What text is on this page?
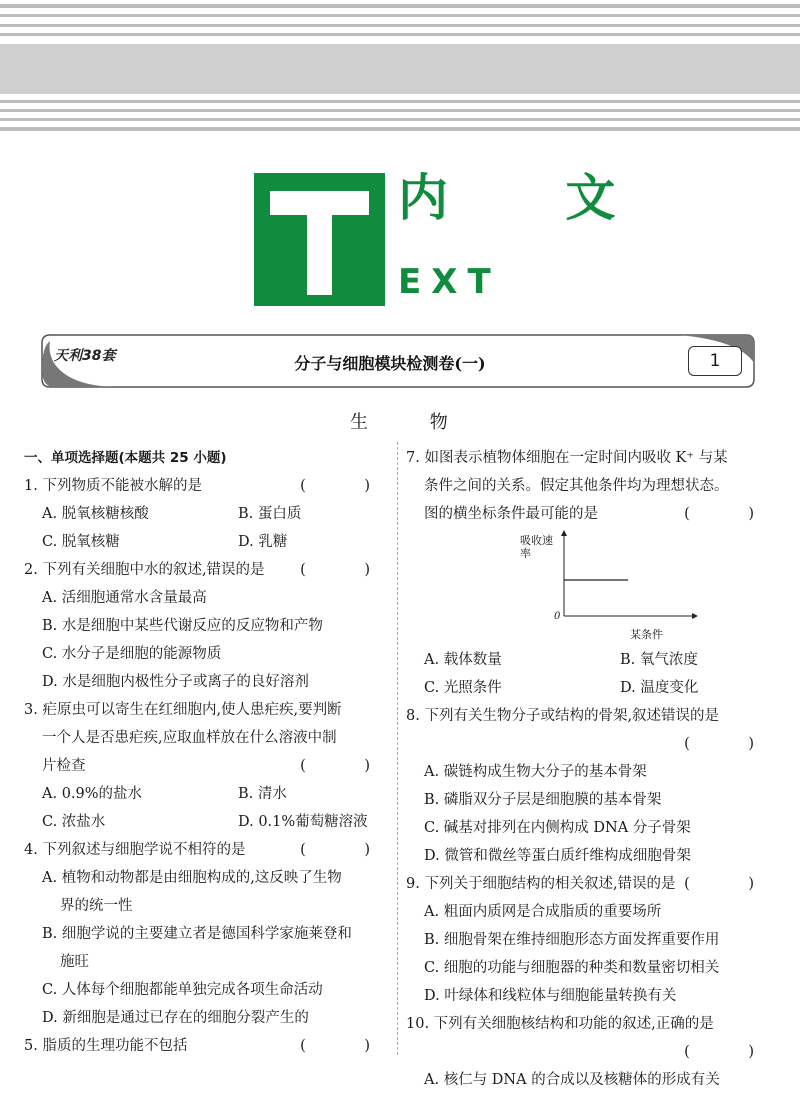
内 文
EXT
天利38套	分子与细胞模块检测卷(一)	1
生 物
一、单项选择题(本题共 25 小题)
1. 下列物质不能被水解的是	(　)
A. 脱氧核糖核酸	B. 蛋白质
C. 脱氧核糖	D. 乳糖
2. 下列有关细胞中水的叙述,错误的是 (　)
A. 活细胞通常水含量最高
B. 水是细胞中某些代谢反应的反应物和产物
C. 水分子是细胞的能源物质
D. 水是细胞内极性分子或离子的良好溶剂
3. 疟原虫可以寄生在红细胞内,使人患疟疾,要判断
一个人是否患疟疾,应取血样放在什么溶液中制
片检查	(　)
A. 0.9%的盐水	B. 清水
C. 浓盐水	D. 0.1%葡萄糖溶液
4. 下列叙述与细胞学说不相符的是	(　)
A. 植物和动物都是由细胞构成的,这反映了生物
界的统一性
B. 细胞学说的主要建立者是德国科学家施莱登和
施旺
C. 人体每个细胞都能单独完成各项生命活动
D. 新细胞是通过已存在的细胞分裂产生的
5. 脂质的生理功能不包括	(　)
7. 如图表示植物体细胞在一定时间内吸收 K⁺ 与某
条件之间的关系。假定其他条件均为理想状态。
图的横坐标条件最可能的是	(　)
吸收速率
0
某条件
A. 载体数量	B. 氧气浓度
C. 光照条件	D. 温度变化
8. 下列有关生物分子或结构的骨架,叙述错误的是
(　)
A. 碳链构成生物大分子的基本骨架
B. 磷脂双分子层是细胞膜的基本骨架
C. 碱基对排列在内侧构成 DNA 分子骨架
D. 微管和微丝等蛋白质纤维构成细胞骨架
9. 下列关于细胞结构的相关叙述,错误的是 (　)
A. 粗面内质网是合成脂质的重要场所
B. 细胞骨架在维持细胞形态方面发挥重要作用
C. 细胞的功能与细胞器的种类和数量密切相关
D. 叶绿体和线粒体与细胞能量转换有关
10. 下列有关细胞核结构和功能的叙述,正确的是
(　)
A. 核仁与 DNA 的合成以及核糖体的形成有关
